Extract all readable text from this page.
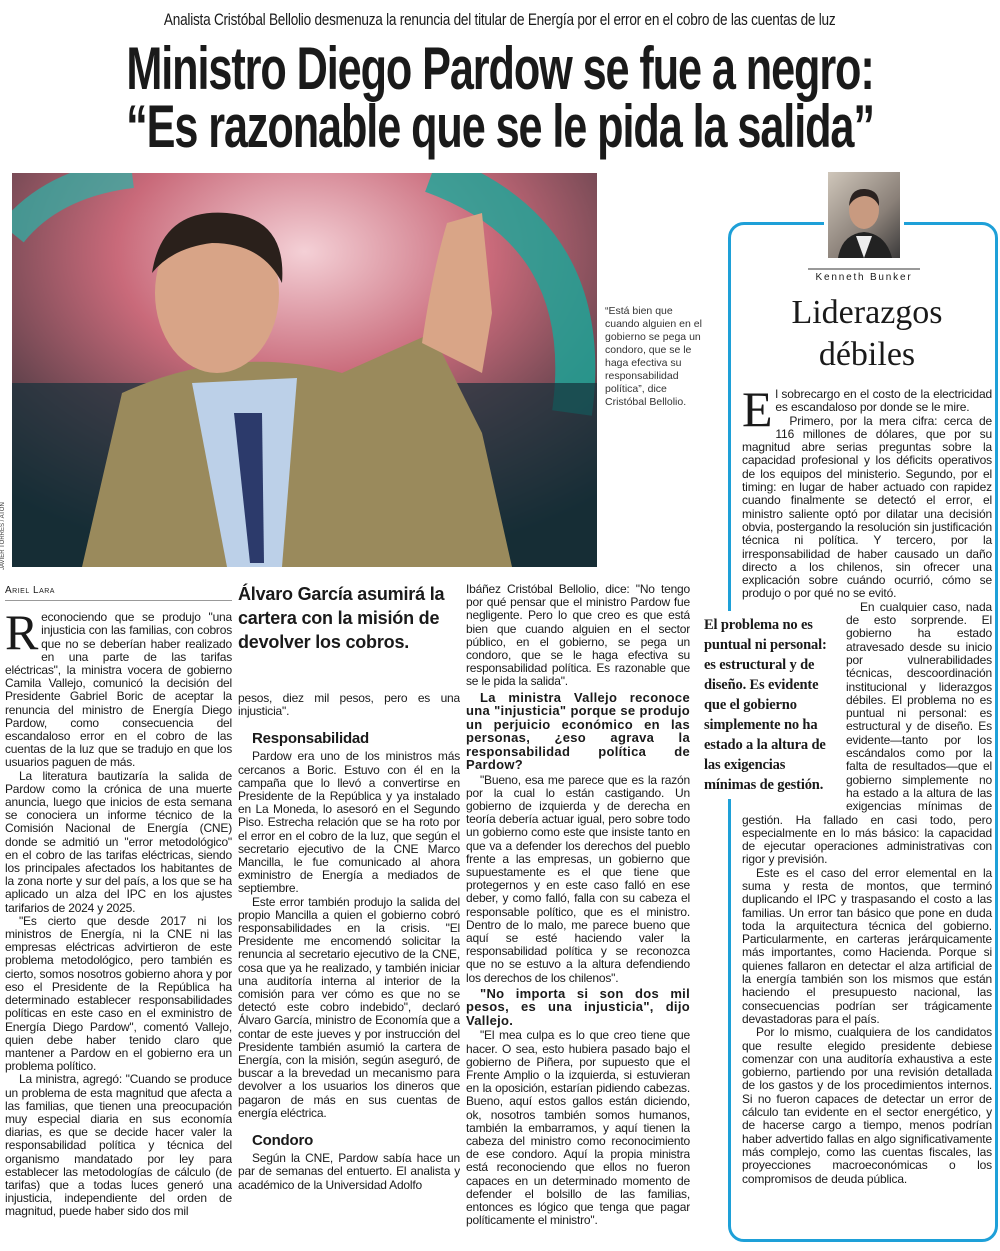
Analista Cristóbal Bellolio desmenuza la renuncia del titular de Energía por el error en el cobro de las cuentas de luz
Ministro Diego Pardow se fue a negro:
“Es razonable que se le pida la salida”
JAVIER TORRES / ATON
“Está bien que cuando alguien en el gobierno se pega un condoro, que se le haga efectiva su responsabilidad política”, dice Cristóbal Bellolio.
Ariel Lara

Reconociendo que se produjo "una injusticia con las familias, con cobros que no se deberían haber realizado en una parte de las tarifas eléctricas", la ministra vocera de gobierno Camila Vallejo, comunicó la decisión del Presidente Gabriel Boric de aceptar la renuncia del ministro de Energía Diego Pardow, como consecuencia del escandaloso error en el cobro de las cuentas de la luz que se tradujo en que los usuarios paguen de más.

La literatura bautizaría la salida de Pardow como la crónica de una muerte anuncia, luego que inicios de esta semana se conociera un informe técnico de la Comisión Nacional de Energía (CNE) donde se admitió un "error metodológico" en el cobro de las tarifas eléctricas, siendo los principales afectados los habitantes de la zona norte y sur del país, a los que se ha aplicado un alza del IPC en los ajustes tarifarios de 2024 y 2025.

"Es cierto que desde 2017 ni los ministros de Energía, ni la CNE ni las empresas eléctricas advirtieron de este problema metodológico, pero también es cierto, somos nosotros gobierno ahora y por eso el Presidente de la República ha determinado establecer responsabilidades políticas en este caso en el exministro de Energía Diego Pardow", comentó Vallejo, quien debe haber tenido claro que mantener a Pardow en el gobierno era un problema político.

La ministra, agregó: "Cuando se produce un problema de esta magnitud que afecta a las familias, que tienen una preocupación muy especial diaria en sus economía diarias, es que se decide hacer valer la responsabilidad política y técnica del organismo mandatado por ley para establecer las metodologías de cálculo (de tarifas) que a todas luces generó una injusticia, independiente del orden de magnitud, puede haber sido dos mil

Álvaro García asumirá la cartera con la misión de devolver los cobros.

pesos, diez mil pesos, pero es una injusticia".

Responsabilidad

Pardow era uno de los ministros más cercanos a Boric. Estuvo con él en la campaña que lo llevó a convertirse en Presidente de la República y ya instalado en La Moneda, lo asesoró en el Segundo Piso. Estrecha relación que se ha roto por el error en el cobro de la luz, que según el secretario ejecutivo de la CNE Marco Mancilla, le fue comunicado al ahora exministro de Energía a mediados de septiembre.

Este error también produjo la salida del propio Mancilla a quien el gobierno cobró responsabilidades en la crisis. "El Presidente me encomendó solicitar la renuncia al secretario ejecutivo de la CNE, cosa que ya he realizado, y también iniciar una auditoría interna al interior de la comisión para ver cómo es que no se detectó este cobro indebido", declaró Álvaro García, ministro de Economía que a contar de este jueves y por instrucción del Presidente también asumió la cartera de Energía, con la misión, según aseguró, de buscar a la brevedad un mecanismo para devolver a los usuarios los dineros que pagaron de más en sus cuentas de energía eléctrica.

Condoro

Según la CNE, Pardow sabía hace un par de semanas del entuerto. El analista y académico de la Universidad Adolfo

Ibáñez Cristóbal Bellolio, dice: "No tengo por qué pensar que el ministro Pardow fue negligente. Pero lo que creo es que está bien que cuando alguien en el sector público, en el gobierno, se pega un condoro, que se le haga efectiva su responsabilidad política. Es razonable que se le pida la salida".

La ministra Vallejo reconoce una "injusticia" porque se produjo un perjuicio económico en las personas, ¿eso agrava la responsabilidad política de Pardow?

"Bueno, esa me parece que es la razón por la cual lo están castigando. Un gobierno de izquierda y de derecha en teoría debería actuar igual, pero sobre todo un gobierno como este que insiste tanto en que va a defender los derechos del pueblo frente a las empresas, un gobierno que supuestamente es el que tiene que protegernos y en este caso falló en ese deber, y como falló, falla con su cabeza el responsable político, que es el ministro. Dentro de lo malo, me parece bueno que aquí se esté haciendo valer la responsabilidad política y se reconozca que no se estuvo a la altura defendiendo los derechos de los chilenos".

"No importa si son dos mil pesos, es una injusticia", dijo Vallejo.

"El mea culpa es lo que creo tiene que hacer. O sea, esto hubiera pasado bajo el gobierno de Piñera, por supuesto que el Frente Amplio o la izquierda, si estuvieran en la oposición, estarían pidiendo cabezas. Bueno, aquí estos gallos están diciendo, ok, nosotros también somos humanos, también la embarramos, y aquí tienen la cabeza del ministro como reconocimiento de ese condoro. Aquí la propia ministra está reconociendo que ellos no fueron capaces en un determinado momento de defender el bolsillo de las familias, entonces es lógico que tenga que pagar políticamente el ministro".

Kenneth Bunker
Liderazgos débiles

El sobrecargo en el costo de la electricidad es escandaloso por donde se le mire.

Primero, por la mera cifra: cerca de 116 millones de dólares, que por su magnitud abre serias preguntas sobre la capacidad profesional y los déficits operativos de los equipos del ministerio. Segundo, por el timing: en lugar de haber actuado con rapidez cuando finalmente se detectó el error, el ministro saliente optó por dilatar una decisión obvia, postergando la resolución sin justificación técnica ni política. Y tercero, por la irresponsabilidad de haber causado un daño directo a los chilenos, sin ofrecer una explicación sobre cuándo ocurrió, cómo se produjo o por qué no se evitó.

El problema no es puntual ni personal: es estructural y de diseño. Es evidente que el gobierno simplemente no ha estado a la altura de las exigencias mínimas de gestión.

En cualquier caso, nada de esto sorprende. El gobierno ha estado atravesado desde su inicio por vulnerabilidades técnicas, descoordinación institucional y liderazgos débiles. El problema no es puntual ni personal: es estructural y de diseño. Es evidente—tanto por los escándalos como por la falta de resultados—que el gobierno simplemente no ha estado a la altura de las exigencias mínimas de gestión. Ha fallado en casi todo, pero especialmente en lo más básico: la capacidad de ejecutar operaciones administrativas con rigor y previsión.

Este es el caso del error elemental en la suma y resta de montos, que terminó duplicando el IPC y traspasando el costo a las familias. Un error tan básico que pone en duda toda la arquitectura técnica del gobierno. Particularmente, en carteras jerárquicamente más importantes, como Hacienda. Porque si quienes fallaron en detectar el alza artificial de la energía también son los mismos que están haciendo el presupuesto nacional, las consecuencias podrían ser trágicamente devastadoras para el país.

Por lo mismo, cualquiera de los candidatos que resulte elegido presidente debiese comenzar con una auditoría exhaustiva a este gobierno, partiendo por una revisión detallada de los gastos y de los procedimientos internos. Si no fueron capaces de detectar un error de cálculo tan evidente en el sector energético, y de hacerse cargo a tiempo, menos podrían haber advertido fallas en algo significativamente más complejo, como las cuentas fiscales, las proyecciones macroeconómicas o los compromisos de deuda pública.
